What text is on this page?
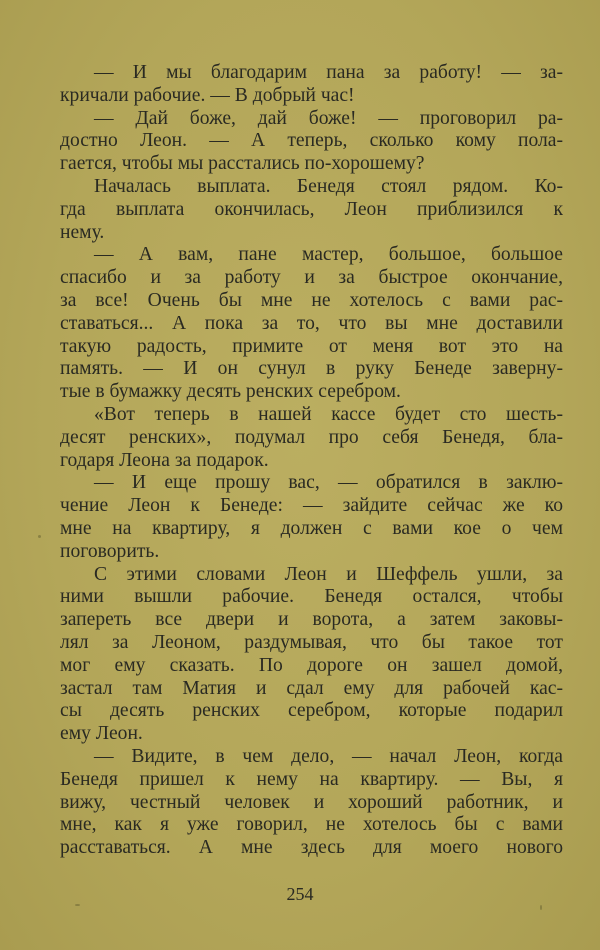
— И мы благодарим пана за работу! — за-
кричали рабочие. — В добрый час!
— Дай боже, дай боже! — проговорил ра-
достно Леон. — А теперь, сколько кому пола-
гается, чтобы мы расстались по-хорошему?
Началась выплата. Бенедя стоял рядом. Ко-
гда выплата окончилась, Леон приблизился к
нему.
— А вам, пане мастер, большое, большое
спасибо и за работу и за быстрое окончание,
за все! Очень бы мне не хотелось с вами рас-
ставаться... А пока за то, что вы мне доставили
такую радость, примите от меня вот это на
память. — И он сунул в руку Бенеде заверну-
тые в бумажку десять ренских серебром.
«Вот теперь в нашей кассе будет сто шесть-
десят ренских», подумал про себя Бенедя, бла-
годаря Леона за подарок.
— И еще прошу вас, — обратился в заклю-
чение Леон к Бенеде: — зайдите сейчас же ко
мне на квартиру, я должен с вами кое о чем
поговорить.
С этими словами Леон и Шеффель ушли, за
ними вышли рабочие. Бенедя остался, чтобы
запереть все двери и ворота, а затем заковы-
лял за Леоном, раздумывая, что бы такое тот
мог ему сказать. По дороге он зашел домой,
застал там Матия и сдал ему для рабочей кас-
сы десять ренских серебром, которые подарил
ему Леон.
— Видите, в чем дело, — начал Леон, когда
Бенедя пришел к нему на квартиру. — Вы, я
вижу, честный человек и хороший работник, и
мне, как я уже говорил, не хотелось бы с вами
расставаться. А мне здесь для моего нового
254
